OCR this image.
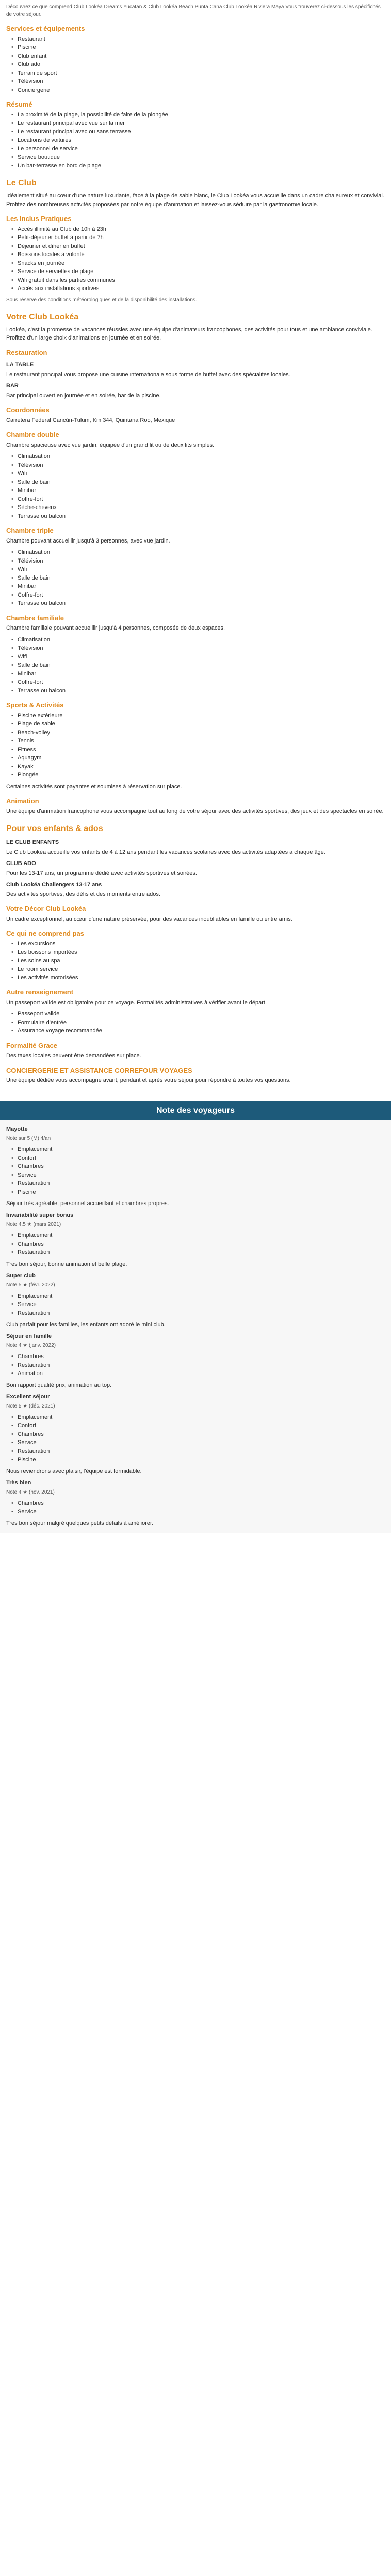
Découvrez ce que comprend Club Lookéa Dreams Yucatan & Club Lookéa Beach Punta Cana Club Lookéa Riviera Maya Vous trouverez ci-dessous les spécificités de votre séjour.

Services et équipements
• Restaurant
• Piscine
• Club enfant
• Club ado
• Terrain de sport
• Télévision
• Conciergerie
Résumé
• La proximité de la plage, la possibilité de faire de la plongée
• Le restaurant principal avec vue sur la mer
• Le restaurant principal avec ou sans terrasse
• Locations de voitures
• Le personnel de service
• Service boutique
• Un bar-terrasse en bord de plage
Le Club

Idéalement situé au cœur d'une nature luxuriante, face à la plage de sable blanc, le Club Lookéa vous accueille dans un cadre chaleureux et convivial. Profitez des nombreuses activités proposées par notre équipe d'animation et laissez-vous séduire par la gastronomie locale.

Les Inclus Pratiques
• Accès illimité au Club de 10h à 23h
• Petit-déjeuner buffet à partir de 7h
• Déjeuner et dîner en buffet
• Boissons locales à volonté
• Snacks en journée
• Service de serviettes de plage
• Wifi gratuit dans les parties communes
• Accès aux installations sportives

Sous réserve des conditions météorologiques et de la disponibilité des installations.

Votre Club Lookéa

Lookéa, c'est la promesse de vacances réussies avec une équipe d'animateurs francophones, des activités pour tous et une ambiance conviviale. Profitez d'un large choix d'animations en journée et en soirée.

Restauration
LA TABLE

Le restaurant principal vous propose une cuisine internationale sous forme de buffet avec des spécialités locales.

BAR

Bar principal ouvert en journée et en soirée, bar de la piscine.

Coordonnées

Carretera Federal Cancún-Tulum, Km 344, Quintana Roo, Mexique

Chambre double

Chambre spacieuse avec vue jardin, équipée d'un grand lit ou de deux lits simples.

• Climatisation
• Télévision
• Wifi
• Salle de bain
• Minibar
• Coffre-fort
• Sèche-cheveux
• Terrasse ou balcon
Chambre triple

Chambre pouvant accueillir jusqu'à 3 personnes, avec vue jardin.

• Climatisation
• Télévision
• Wifi
• Salle de bain
• Minibar
• Coffre-fort
• Terrasse ou balcon
Chambre familiale

Chambre familiale pouvant accueillir jusqu'à 4 personnes, composée de deux espaces.

• Climatisation
• Télévision
• Wifi
• Salle de bain
• Minibar
• Coffre-fort
• Terrasse ou balcon
Sports & Activités
• Piscine extérieure
• Plage de sable
• Beach-volley
• Tennis
• Fitness
• Aquagym
• Kayak
• Plongée

Certaines activités sont payantes et soumises à réservation sur place.

Animation

Une équipe d'animation francophone vous accompagne tout au long de votre séjour avec des activités sportives, des jeux et des spectacles en soirée.

Pour vos enfants & ados
LE CLUB ENFANTS

Le Club Lookéa accueille vos enfants de 4 à 12 ans pendant les vacances scolaires avec des activités adaptées à chaque âge.

CLUB ADO

Pour les 13-17 ans, un programme dédié avec activités sportives et soirées.

Club Lookéa Challengers 13-17 ans

Des activités sportives, des défis et des moments entre ados.

Votre Décor Club Lookéa

Un cadre exceptionnel, au cœur d'une nature préservée, pour des vacances inoubliables en famille ou entre amis.

Ce qui ne comprend pas
• Les excursions
• Les boissons importées
• Les soins au spa
• Le room service
• Les activités motorisées
Autre renseignement

Un passeport valide est obligatoire pour ce voyage. Formalités administratives à vérifier avant le départ.

• Passeport valide
• Formulaire d'entrée
• Assurance voyage recommandée
Formalité Grace

Des taxes locales peuvent être demandées sur place.

CONCIERGERIE ET ASSISTANCE CORREFOUR VOYAGES

Une équipe dédiée vous accompagne avant, pendant et après votre séjour pour répondre à toutes vos questions.

Note des voyageurs
Mayotte

Note sur 5 (M) 4/an

• Emplacement
• Confort
• Chambres
• Service
• Restauration
• Piscine

Séjour très agréable, personnel accueillant et chambres propres.

Invariabilité super bonus

Note 4.5 ★ (mars 2021)

• Emplacement
• Chambres
• Restauration

Très bon séjour, bonne animation et belle plage.

Super club

Note 5 ★ (févr. 2022)

• Emplacement
• Service
• Restauration

Club parfait pour les familles, les enfants ont adoré le mini club.

Séjour en famille

Note 4 ★ (janv. 2022)

• Chambres
• Restauration
• Animation

Bon rapport qualité prix, animation au top.

Excellent séjour

Note 5 ★ (déc. 2021)

• Emplacement
• Confort
• Chambres
• Service
• Restauration
• Piscine

Nous reviendrons avec plaisir, l'équipe est formidable.

Très bien

Note 4 ★ (nov. 2021)

• Chambres
• Service

Très bon séjour malgré quelques petits détails à améliorer.
